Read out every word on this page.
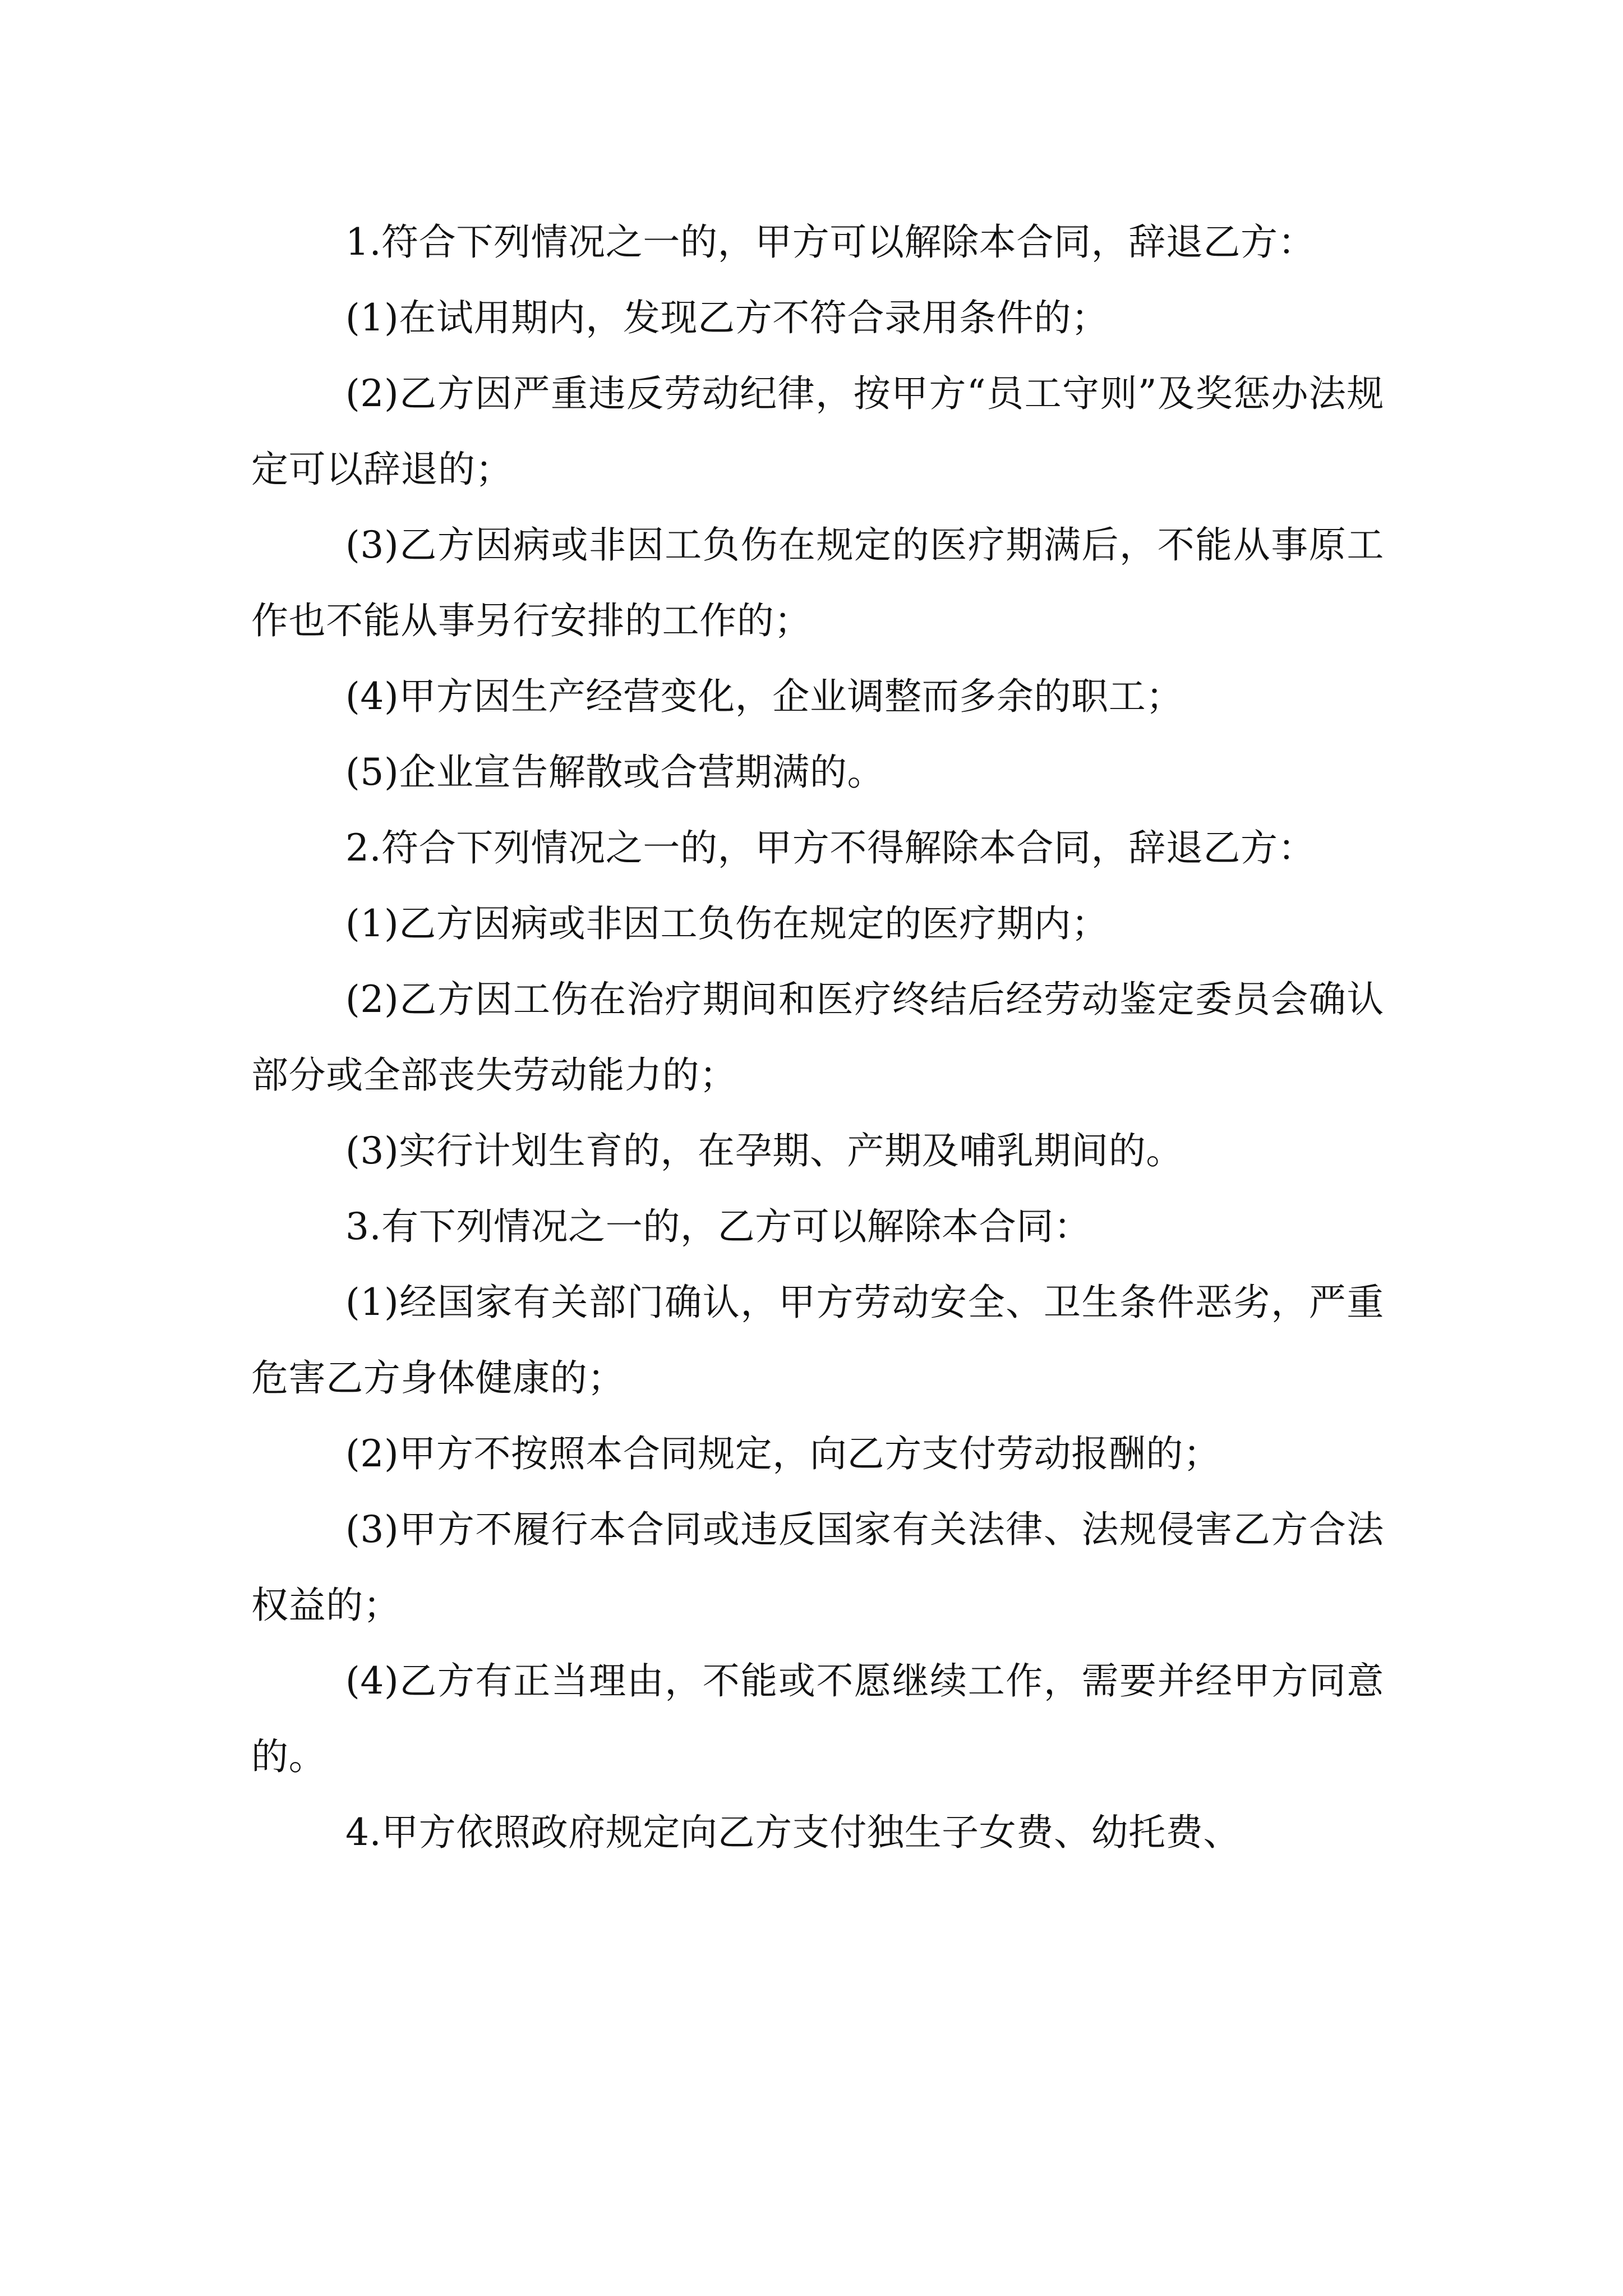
1.符合下列情况之一的，甲方可以解除本合同，辞退乙方：

(1)在试用期内，发现乙方不符合录用条件的；

(2)乙方因严重违反劳动纪律，按甲方“员工守则”及奖惩办法规定可以辞退的；

(3)乙方因病或非因工负伤在规定的医疗期满后，不能从事原工作也不能从事另行安排的工作的；

(4)甲方因生产经营变化，企业调整而多余的职工；

(5)企业宣告解散或合营期满的。

2.符合下列情况之一的，甲方不得解除本合同，辞退乙方：

(1)乙方因病或非因工负伤在规定的医疗期内；

(2)乙方因工伤在治疗期间和医疗终结后经劳动鉴定委员会确认部分或全部丧失劳动能力的；

(3)实行计划生育的，在孕期、产期及哺乳期间的。

3.有下列情况之一的，乙方可以解除本合同：

(1)经国家有关部门确认，甲方劳动安全、卫生条件恶劣，严重危害乙方身体健康的；

(2)甲方不按照本合同规定，向乙方支付劳动报酬的；

(3)甲方不履行本合同或违反国家有关法律、法规侵害乙方合法权益的；

(4)乙方有正当理由，不能或不愿继续工作，需要并经甲方同意的。

4.甲方依照政府规定向乙方支付独生子女费、幼托费、
